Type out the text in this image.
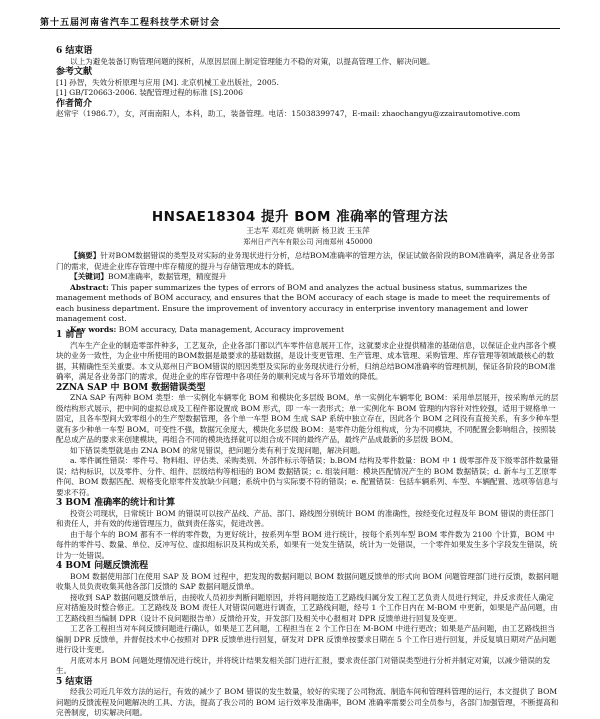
第十五届河南省汽车工程科技学术研讨会

6 结束语

以上为避免装备订购管理问题的探析，从原因层面上制定管理能力不稳的对策，以提高管理工作、解决问题。

参考文献

[1] 孙智，失效分析原理与应用 [M]. 北京机械工业出版社，2005.

[1] GB/T20663-2006. 装配管理过程的标准 [S].2006

作者简介

赵常宇（1986.7），女，河南南阳人，本科，助工，装备管理。电话：15038399747，E-mail: zhaochangyu@zzairautomotive.com

HNSAE18304 提升 BOM 准确率的管理方法

王志军 邓红亮 姚明新 杨卫波 王玉萍

郑州日产汽车有限公司 河南郑州 450000

【摘要】针对BOM数据错误的类型及对实际的业务现状进行分析，总结BOM准确率的管理方法，保证试做各阶段的BOM准确率，满足各业务部门的需求，促进企业库存管理中库存精度的提升与存储管理成本的降低。

【关键词】BOM准确率，数据管理，精度提升

Abstract: This paper summarizes the types of errors of BOM and analyzes the actual business status, summarizes the management methods of BOM accuracy, and ensures that the BOM accuracy of each stage is made to meet the requirements of each business department. Ensure the improvement of inventory accuracy in enterprise inventory management and lower management cost.

Key words: BOM accuracy, Data management, Accuracy improvement

1 前言

汽车生产企业的制造零部件种多，工艺复杂，企业各部门都以汽车零件信息展开工作，这就要求企业提供精准的基础信息，以保证企业内部各个模块的业务一致性，为企业中所使用的BOM数据是最要求的基础数据，是设计变更管理、生产管理、成本管理、采购管理、库存管理等领域最核心的数据，其精确性至关重要。本文从郑州日产BOM错误的原因类型及实际的业务现状进行分析，归纳总结BOM准确率的管理机制，保证各阶段的BOM准确率，满足各业务部门的需求，促进企业的库存管理中各项任务的顺利完成与各环节增效的降低。

2ZNA SAP 中 BOM 数据错误类型

ZNA SAP 有两种 BOM 类型：单一实例化车辆零化 BOM 和模块化多层级 BOM。单一实例化车辆零化 BOM：采用单层展开，按采购单元的层级结构形式展示，把中间的虚拟总成及工程件都设置成 BOM 形式，即 一车一表形式；单一实例化车 BOM 管理的内容针对性较强，适用于规格单一固定，且各车型间大致零组小的生产型数据管理，各个单一车型 BOM 生成 SAP 系统中独立存在，因此各个 BOM 之间没有直接关系，有多少种车型就有多少种单一车型 BOM。可变性不强，数据冗余度大，模块化多层级 BOM：是零件功能分组构成，分为不同模块，不同配置会影响组合，按照装配总成产品的要求来创建模块，再组合不同的模块选择就可以组合成不同的最终产品，最终产品成最新的多层级 BOM。

如下错误类型就是由 ZNA BOM 的常见错误，把问题分类有利于发现问题，解决问题。

a. 零件属性错误：零件号、物料组、评估类、采购类别、外部件标示等错误；b.BOM 结构及零件数量：BOM 中 1 级零部件及下级零部件数量错误；结构标识，以及零件、分件、组件、层级结构等相违的 BOM 数据错误；c. 组装问题：模块匹配情况产生的 BOM 数据错误；d. 新车与工艺原零件间、BOM 数据匹配、规格变化原零件发放缺少问题；系统中仍与实际要不符的错误；e. 配置错误：包括车辆系列、车型、车辆配置、选项等信息与要求不符。

3 BOM 准确率的统计和计算

投资公司现状，日常统计 BOM 的错误可以按产品线、产品、部门、路线图分别统计 BOM 的准确性，按经变化过程及年 BOM 错误的责任部门和责任人，并有效的传递管理压力，做到责任落实，促进改善。

由于每个车的 BOM 都有不一样的零件数，为更好统计，按系列车型 BOM 进行统计，按每个系列车型 BOM 零件数为 2100 个计算，BOM 中每件的零件号、数量、单位、反冲写位、虚拟组标识及其构成关系，如果有一处发生错误，统计为一处错误，一个零件如果发生多个字段发生错误，统计为一处错误。

4 BOM 问题反馈流程

BOM 数据使用部门在使用 SAP 及 BOM 过程中，把发现的数据问题以 BOM 数据问题反馈单的形式向 BOM 问题管理部门进行反馈，数据问题收集人员负责收集其他各部门反馈的 SAP 数据问题反馈单。

接收到 SAP 数据问题反馈单后，由接收人员初步判断问题原因，并将问题按造工艺路线归属分发工程工艺负责人员进行判定，并反求责任人确定应对措施及时整合修正。工艺路线及 BOM 责任人对错误问题进行调查，工艺路线问题，经号 1 个工作日内在 M-BOM 中更新，如果是产品问题，由工艺路线担当编制 DPR（设计不良问题报告单）反馈给开发，开发部门及相关中心报相对 DPR 反馈单进行回复及变更。

工艺各工程担当对车间反馈问题进行确认，如果是工艺问题，工程担当在 2 个工作日在 M-BOM 中进行更改；如果是产品问题，由工艺路线担当编制 DPR 反馈单，并督促技术中心按照对 DPR 反馈单进行回复，研发对 DPR 反馈单按要求日期在 5 个工作日进行回复，并反复填日期对产品问题进行设计变更。

月底对本月 BOM 问题处理情况进行统计，并将统计结果发相关部门进行汇报，要求责任部门对错误类型进行分析并制定对策，以减少错误的发生。

5 结束语

经我公司近几年效方法的运行，有效的减少了 BOM 错误的发生数量，较好的实现了公司物流、制造车间和管理科管理的运行，本文提供了 BOM 问题的反馈流程及问题解决的工具、方法，提高了我公司的 BOM 运行效率及准确率，BOM 准确率需要公司全员参与，各部门加强管理，不断提高和完善制度，切实解决问题。
